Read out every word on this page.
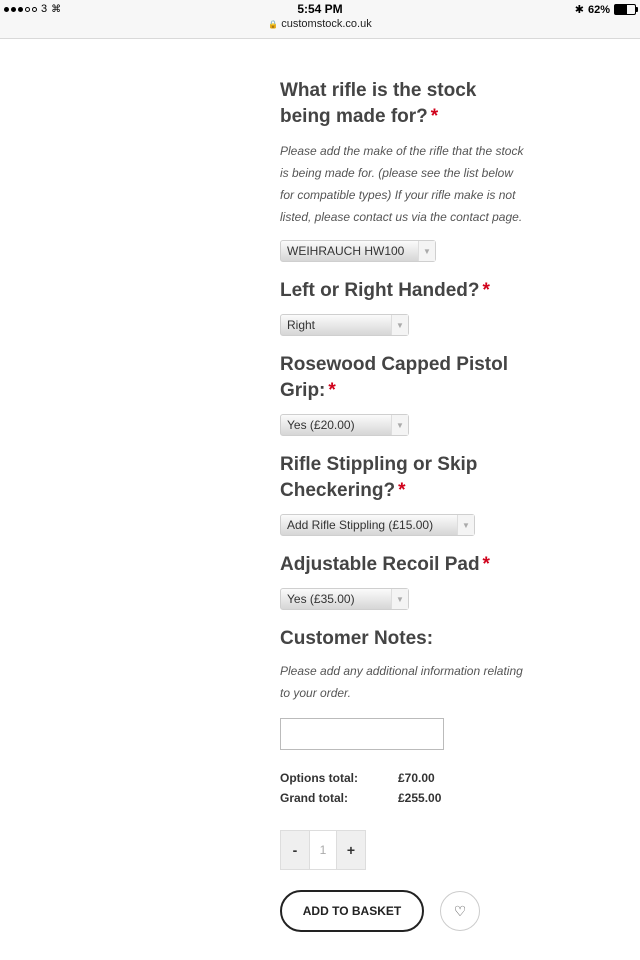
3 ⌘	5:54 PM
🔒 customstock.co.uk
✱ 62%
What rifle is the stock being made for? *
Please add the make of the rifle that the stock is being made for. (please see the list below for compatible types) If your rifle make is not listed, please contact us via the contact page.
WEIHRAUCH HW100	▼
Left or Right Handed? *
Right	▼
Rosewood Capped Pistol Grip: *
Yes (£20.00)	▼
Rifle Stippling or Skip Checkering? *
Add Rifle Stippling (£15.00)	▼
Adjustable Recoil Pad *
Yes (£35.00)	▼
Customer Notes:
Please add any additional information relating to your order.
Options total:	£70.00
Grand total:	£255.00
-	1	+
ADD TO BASKET	♡
